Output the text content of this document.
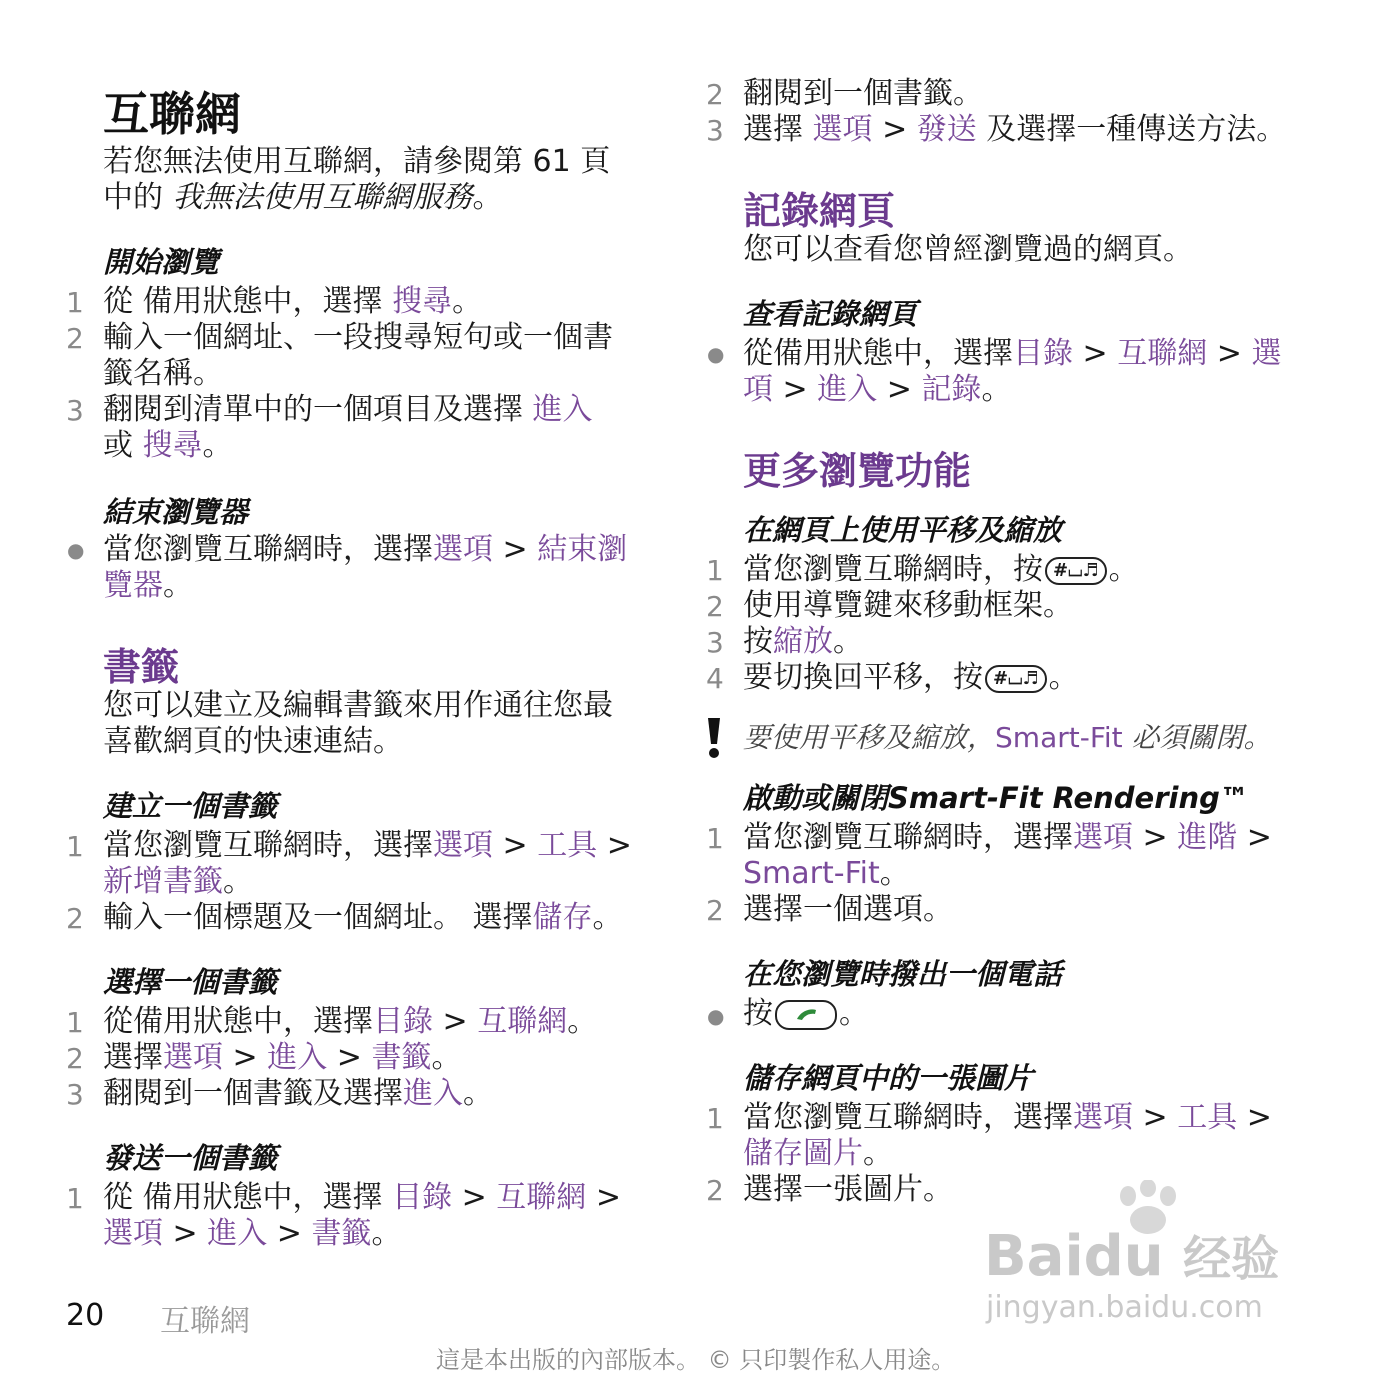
互聯網
若您無法使用互聯網，請參閱第 61 頁
中的 我無法使用互聯網服務。
開始瀏覽
1 從 備用狀態中，選擇 搜尋。
2 輸入一個網址、一段搜尋短句或一個書
籤名稱。
3 翻閱到清單中的一個項目及選擇 進入
或 搜尋。
結束瀏覽器
● 當您瀏覽互聯網時，選擇選項 > 結束瀏
覽器。
書籤
您可以建立及編輯書籤來用作通往您最
喜歡網頁的快速連結。
建立一個書籤
1 當您瀏覽互聯網時，選擇選項 > 工具 >
新增書籤。
2 輸入一個標題及一個網址。 選擇儲存。
選擇一個書籤
1 從備用狀態中，選擇目錄 > 互聯網。
2 選擇選項 > 進入 > 書籤。
3 翻閱到一個書籤及選擇進入。
發送一個書籤
1 從 備用狀態中，選擇 目錄 > 互聯網 >
選項 > 進入 > 書籤。
2 翻閱到一個書籤。
3 選擇 選項 > 發送 及選擇一種傳送方法。
記錄網頁
您可以查看您曾經瀏覽過的網頁。
查看記錄網頁
● 從備用狀態中，選擇目錄 > 互聯網 > 選
項 > 進入 > 記錄。
更多瀏覽功能
在網頁上使用平移及縮放
1 當您瀏覽互聯網時，按 #⌴♬ 。
2 使用導覽鍵來移動框架。
3 按縮放。
4 要切換回平移，按 #⌴♬ 。
要使用平移及縮放，Smart-Fit 必須關閉。
啟動或關閉Smart-Fit Rendering™
1 當您瀏覽互聯網時，選擇選項 > 進階 >
Smart-Fit。
2 選擇一個選項。
在您瀏覽時撥出一個電話
● 按 。
儲存網頁中的一張圖片
1 當您瀏覽互聯網時，選擇選項 > 工具 >
儲存圖片。
2 選擇一張圖片。
Baidu 经验
jingyan.baidu.com
20 互聯網
這是本出版的內部版本。 © 只印製作私人用途。
